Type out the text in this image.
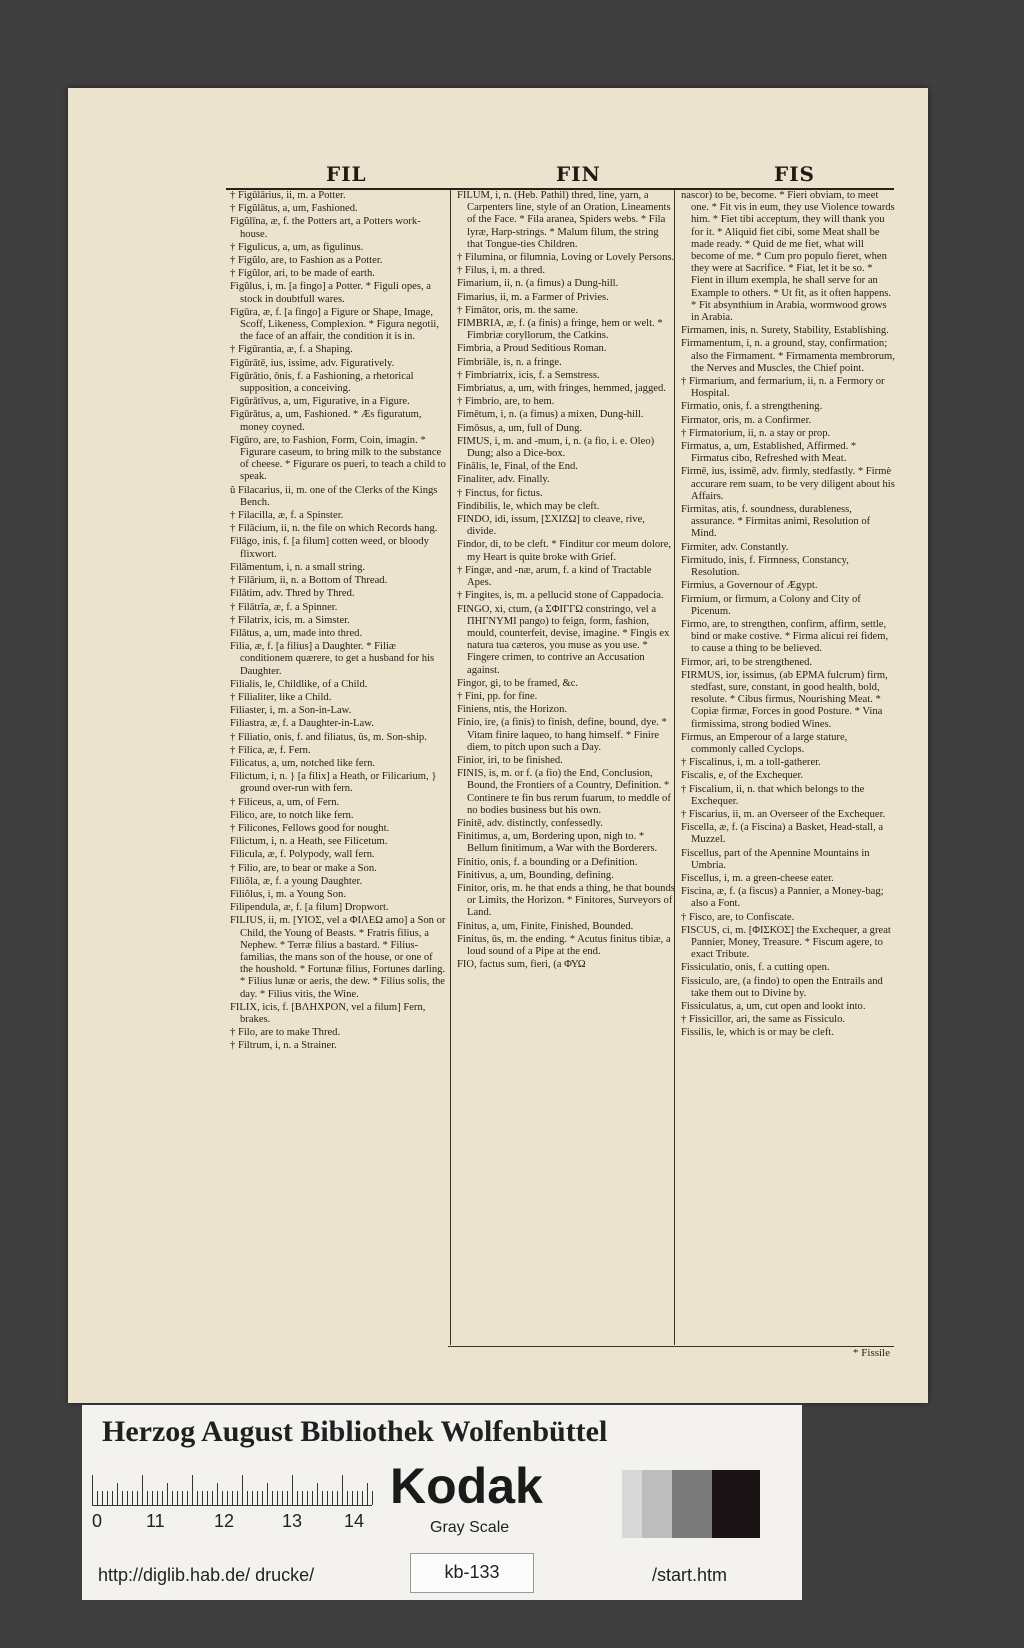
FIL	FIN	FIS
† Figūlārius, ii, m. a Potter.
† Figŭlātus, a, um, Fashioned.
Figŭlīna, æ, f. the Potters art, a Potters work-house.
† Figulicus, a, um, as figulinus.
† Figŭlo, are, to Fashion as a Potter.
† Figŭlor, ari, to be made of earth.
Figŭlus, i, m. [a fingo] a Potter. * Figuli opes, a stock in doubtfull wares.
Figūra, æ, f. [a fingo] a Figure or Shape, Image, Scoff, Likeness, Complexion. * Figura negotii, the face of an affair, the condition it is in.
† Figūrantia, æ, f. a Shaping.
Figūrātē, ius, issime, adv. Figuratively.
Figūrātio, ōnis, f. a Fashioning, a rhetorical supposition, a conceiving.
Figūrātīvus, a, um, Figurative, in a Figure.
Figūrātus, a, um, Fashioned. * Æs figuratum, money coyned.
Figūro, are, to Fashion, Form, Coin, imagin. * Figurare caseum, to bring milk to the substance of cheese. * Figurare os pueri, to teach a child to speak.
ŭ Filacarius, ii, m. one of the Clerks of the Kings Bench.
† Filacilla, æ, f. a Spinster.
† Filācium, ii, n. the file on which Records hang.
Filāgo, inis, f. [a filum] cotten weed, or bloody flixwort.
Filāmentum, i, n. a small string.
† Filārium, ii, n. a Bottom of Thread.
Filātim, adv. Thred by Thred.
† Filātrĭa, æ, f. a Spinner.
† Filatrix, icis, m. a Simster.
Filātus, a, um, made into thred.
Filia, æ, f. [a filius] a Daughter. * Filiæ conditionem quærere, to get a husband for his Daughter.
Filialis, le, Childlike, of a Child.
† Filialiter, like a Child.
Filiaster, i, m. a Son-in-Law.
Filiastra, æ, f. a Daughter-in-Law.
† Filiatio, onis, f. and filiatus, ûs, m. Son-ship.
† Filica, æ, f. Fern.
Filicatus, a, um, notched like fern.
Filictum, i, n. } [a filix] a Heath, or Filicarium, } ground over-run with fern.
† Filiceus, a, um, of Fern.
Filico, are, to notch like fern.
† Filicones, Fellows good for nought.
Filictum, i, n. a Heath, see Filicetum.
Filicula, æ, f. Polypody, wall fern.
† Filio, are, to bear or make a Son.
Filiŏla, æ, f. a young Daughter.
Filiŏlus, i, m. a Young Son.
Filipendula, æ, f. [a filum] Dropwort.
FILIUS, ii, m. [ΥΙΟΣ, vel a ΦΙΛΕΩ amo] a Son or Child, the Young of Beasts. * Fratris filius, a Nephew. * Terræ filius a bastard. * Filius-familias, the mans son of the house, or one of the houshold. * Fortunæ filius, Fortunes darling. * Filius lunæ or aeris, the dew. * Filius solis, the day. * Filius vitis, the Wine.
FILIX, icis, f. [ΒΛΗΧΡΟΝ, vel a filum] Fern, brakes.
† Filo, are to make Thred.
† Filtrum, i, n. a Strainer.
FILUM, i, n. (Heb. Pathil) thred, line, yarn, a Carpenters line, style of an Oration, Lineaments of the Face. * Fila aranea, Spiders webs. * Fila lyræ, Harp-strings. * Malum filum, the string that Tongue-ties Children.
† Filumina, or filumnia, Loving or Lovely Persons.
† Filus, i, m. a thred.
Fimarium, ii, n. (a fimus) a Dung-hill.
Fimarius, ii, m. a Farmer of Privies.
† Fimātor, oris, m. the same.
FIMBRIA, æ, f. (a finis) a fringe, hem or welt. * Fimbriæ coryllorum, the Catkins.
Fimbria, a Proud Seditious Roman.
Fimbriāle, is, n. a fringe.
† Fimbriatrix, icis, f. a Semstress.
Fimbriatus, a, um, with fringes, hemmed, jagged.
† Fimbrio, are, to hem.
Fimētum, i, n. (a fimus) a mixen, Dung-hill.
Fimōsus, a, um, full of Dung.
FIMUS, i, m. and -mum, i, n. (a fio, i. e. Oleo) Dung; also a Dice-box.
Finālis, le, Final, of the End.
Finaliter, adv. Finally.
† Finctus, for fictus.
Findibilis, le, which may be cleft.
FINDO, idi, issum, [ΣΧΙΖΩ] to cleave, rive, divide.
Findor, di, to be cleft. * Finditur cor meum dolore, my Heart is quite broke with Grief.
† Fingæ, and -næ, arum, f. a kind of Tractable Apes.
† Fingites, is, m. a pellucid stone of Cappadocia.
FINGO, xi, ctum, (a ΣΦΙΓΓΩ constringo, vel a ΠΗΓΝΥΜΙ pango) to feign, form, fashion, mould, counterfeit, devise, imagine. * Fingis ex natura tua cæteros, you muse as you use. * Fingere crimen, to contrive an Accusation against.
Fingor, gi, to be framed, &c.
† Fini, pp. for fine.
Finiens, ntis, the Horizon.
Finio, ire, (a finis) to finish, define, bound, dye. * Vitam finire laqueo, to hang himself. * Finire diem, to pitch upon such a Day.
Finior, iri, to be finished.
FINIS, is, m. or f. (a fio) the End, Conclusion, Bound, the Frontiers of a Country, Definition. * Continere te fin bus rerum fuarum, to meddle of no bodies business but his own.
Finitē, adv. distinctly, confessedly.
Finitimus, a, um, Bordering upon, nigh to. * Bellum finitimum, a War with the Borderers.
Finitio, onis, f. a bounding or a Definition.
Finitivus, a, um, Bounding, defining.
Finitor, oris, m. he that ends a thing, he that bounds or Limits, the Horizon. * Finitores, Surveyors of Land.
Finitus, a, um, Finite, Finished, Bounded.
Finitus, ūs, m. the ending. * Acutus finitus tibiæ, a loud sound of a Pipe at the end.
FIO, factus sum, fieri, (a ΦΥΩ
nascor) to be, become. * Fieri obviam, to meet one. * Fit vis in eum, they use Violence towards him. * Fiet tibi acceptum, they will thank you for it. * Aliquid fiet cibi, some Meat shall be made ready. * Quid de me fiet, what will become of me. * Cum pro populo fieret, when they were at Sacrifice. * Fiat, let it be so. * Fient in illum exempla, he shall serve for an Example to others. * Ut fit, as it often happens. * Fit absynthium in Arabia, wormwood grows in Arabia.
Firmamen, inis, n. Surety, Stability, Establishing.
Firmamentum, i, n. a ground, stay, confirmation; also the Firmament. * Firmamenta membrorum, the Nerves and Muscles, the Chief point.
† Firmarium, and fermarium, ii, n. a Fermory or Hospital.
Firmatio, onis, f. a strengthening.
Firmator, oris, m. a Confirmer.
† Firmatorium, ii, n. a stay or prop.
Firmatus, a, um, Established, Affirmed. * Firmatus cibo, Refreshed with Meat.
Firmē, ius, issimē, adv. firmly, stedfastly. * Firmè accurare rem suam, to be very diligent about his Affairs.
Firmitas, atis, f. soundness, durableness, assurance. * Firmitas animi, Resolution of Mind.
Firmiter, adv. Constantly.
Firmitudo, inis, f. Firmness, Constancy, Resolution.
Firmius, a Governour of Ægypt.
Firmium, or firmum, a Colony and City of Picenum.
Firmo, are, to strengthen, confirm, affirm, settle, bind or make costive. * Firma alicui rei fidem, to cause a thing to be believed.
Firmor, ari, to be strengthened.
FIRMUS, ior, issimus, (ab ΕΡΜΑ fulcrum) firm, stedfast, sure, constant, in good health, bold, resolute. * Cibus firmus, Nourishing Meat. * Copiæ firmæ, Forces in good Posture. * Vina firmissima, strong bodied Wines.
Firmus, an Emperour of a large stature, commonly called Cyclops.
† Fiscalinus, i, m. a toll-gatherer.
Fiscalis, e, of the Exchequer.
† Fiscalium, ii, n. that which belongs to the Exchequer.
† Fiscarius, ii, m. an Overseer of the Exchequer.
Fiscella, æ, f. (a Fiscina) a Basket, Head-stall, a Muzzel.
Fiscellus, part of the Apennine Mountains in Umbria.
Fiscellus, i, m. a green-cheese eater.
Fiscina, æ, f. (a fiscus) a Pannier, a Money-bag; also a Font.
† Fisco, are, to Confiscate.
FISCUS, ci, m. [ΦΙΣΚΟΣ] the Exchequer, a great Pannier, Money, Treasure. * Fiscum agere, to exact Tribute.
Fissiculatio, onis, f. a cutting open.
Fissiculo, are, (a findo) to open the Entrails and take them out to Divine by.
Fissiculatus, a, um, cut open and lookt into.
† Fissicillor, ari, the same as Fissiculo.
Fissilis, le, which is or may be cleft.
* Fissile
Herzog August Bibliothek Wolfenbüttel
0 11	12	13 14
Kodak
Gray Scale
http://diglib.hab.de/ drucke/	kb-133	/start.htm
